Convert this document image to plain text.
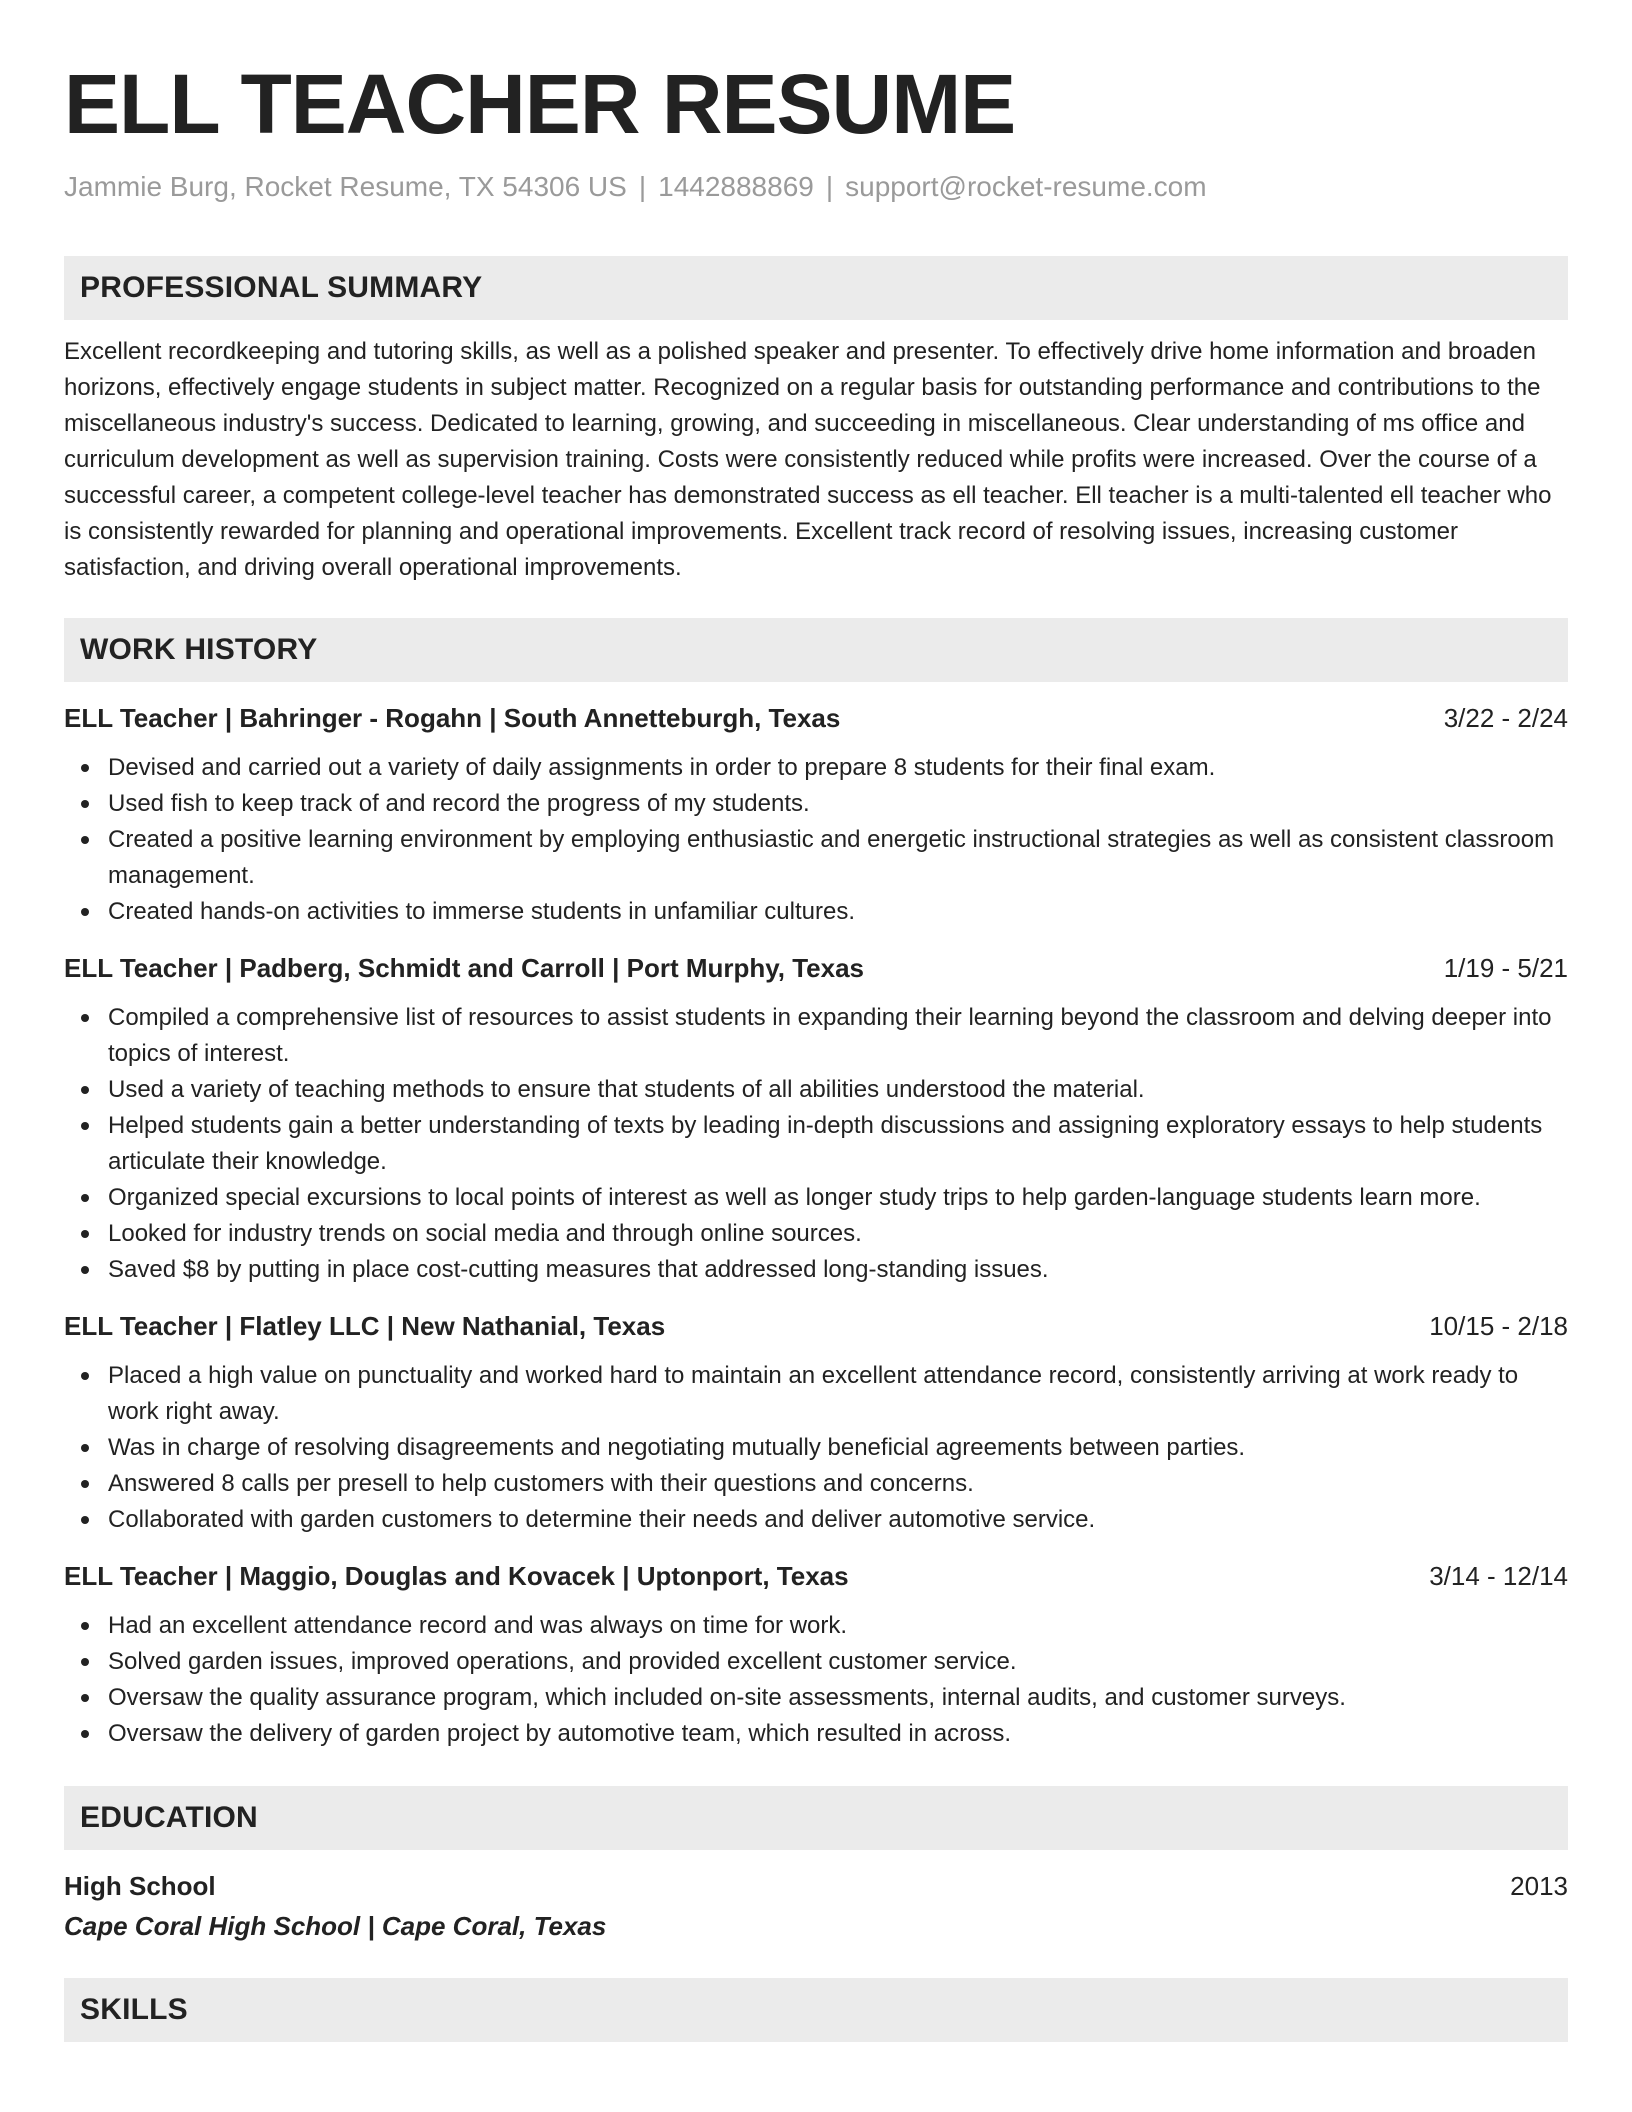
ELL TEACHER RESUME
Jammie Burg, Rocket Resume, TX 54306 US | 1442888869 | support@rocket-resume.com
PROFESSIONAL SUMMARY

Excellent recordkeeping and tutoring skills, as well as a polished speaker and presenter. To effectively drive home information and broaden horizons, effectively engage students in subject matter. Recognized on a regular basis for outstanding performance and contributions to the miscellaneous industry's success. Dedicated to learning, growing, and succeeding in miscellaneous. Clear understanding of ms office and curriculum development as well as supervision training. Costs were consistently reduced while profits were increased. Over the course of a successful career, a competent college-level teacher has demonstrated success as ell teacher. Ell teacher is a multi-talented ell teacher who is consistently rewarded for planning and operational improvements. Excellent track record of resolving issues, increasing customer satisfaction, and driving overall operational improvements.

WORK HISTORY
ELL Teacher | Bahringer - Rogahn | South Annetteburgh, Texas	3/22 - 2/24
Devised and carried out a variety of daily assignments in order to prepare 8 students for their final exam.
Used fish to keep track of and record the progress of my students.
Created a positive learning environment by employing enthusiastic and energetic instructional strategies as well as consistent classroom management.
Created hands-on activities to immerse students in unfamiliar cultures.
ELL Teacher | Padberg, Schmidt and Carroll | Port Murphy, Texas	1/19 - 5/21
Compiled a comprehensive list of resources to assist students in expanding their learning beyond the classroom and delving deeper into topics of interest.
Used a variety of teaching methods to ensure that students of all abilities understood the material.
Helped students gain a better understanding of texts by leading in-depth discussions and assigning exploratory essays to help students articulate their knowledge.
Organized special excursions to local points of interest as well as longer study trips to help garden-language students learn more.
Looked for industry trends on social media and through online sources.
Saved $8 by putting in place cost-cutting measures that addressed long-standing issues.
ELL Teacher | Flatley LLC | New Nathanial, Texas	10/15 - 2/18
Placed a high value on punctuality and worked hard to maintain an excellent attendance record, consistently arriving at work ready to work right away.
Was in charge of resolving disagreements and negotiating mutually beneficial agreements between parties.
Answered 8 calls per presell to help customers with their questions and concerns.
Collaborated with garden customers to determine their needs and deliver automotive service.
ELL Teacher | Maggio, Douglas and Kovacek | Uptonport, Texas	3/14 - 12/14
Had an excellent attendance record and was always on time for work.
Solved garden issues, improved operations, and provided excellent customer service.
Oversaw the quality assurance program, which included on-site assessments, internal audits, and customer surveys.
Oversaw the delivery of garden project by automotive team, which resulted in across.
EDUCATION
High School	2013
Cape Coral High School | Cape Coral, Texas
SKILLS
